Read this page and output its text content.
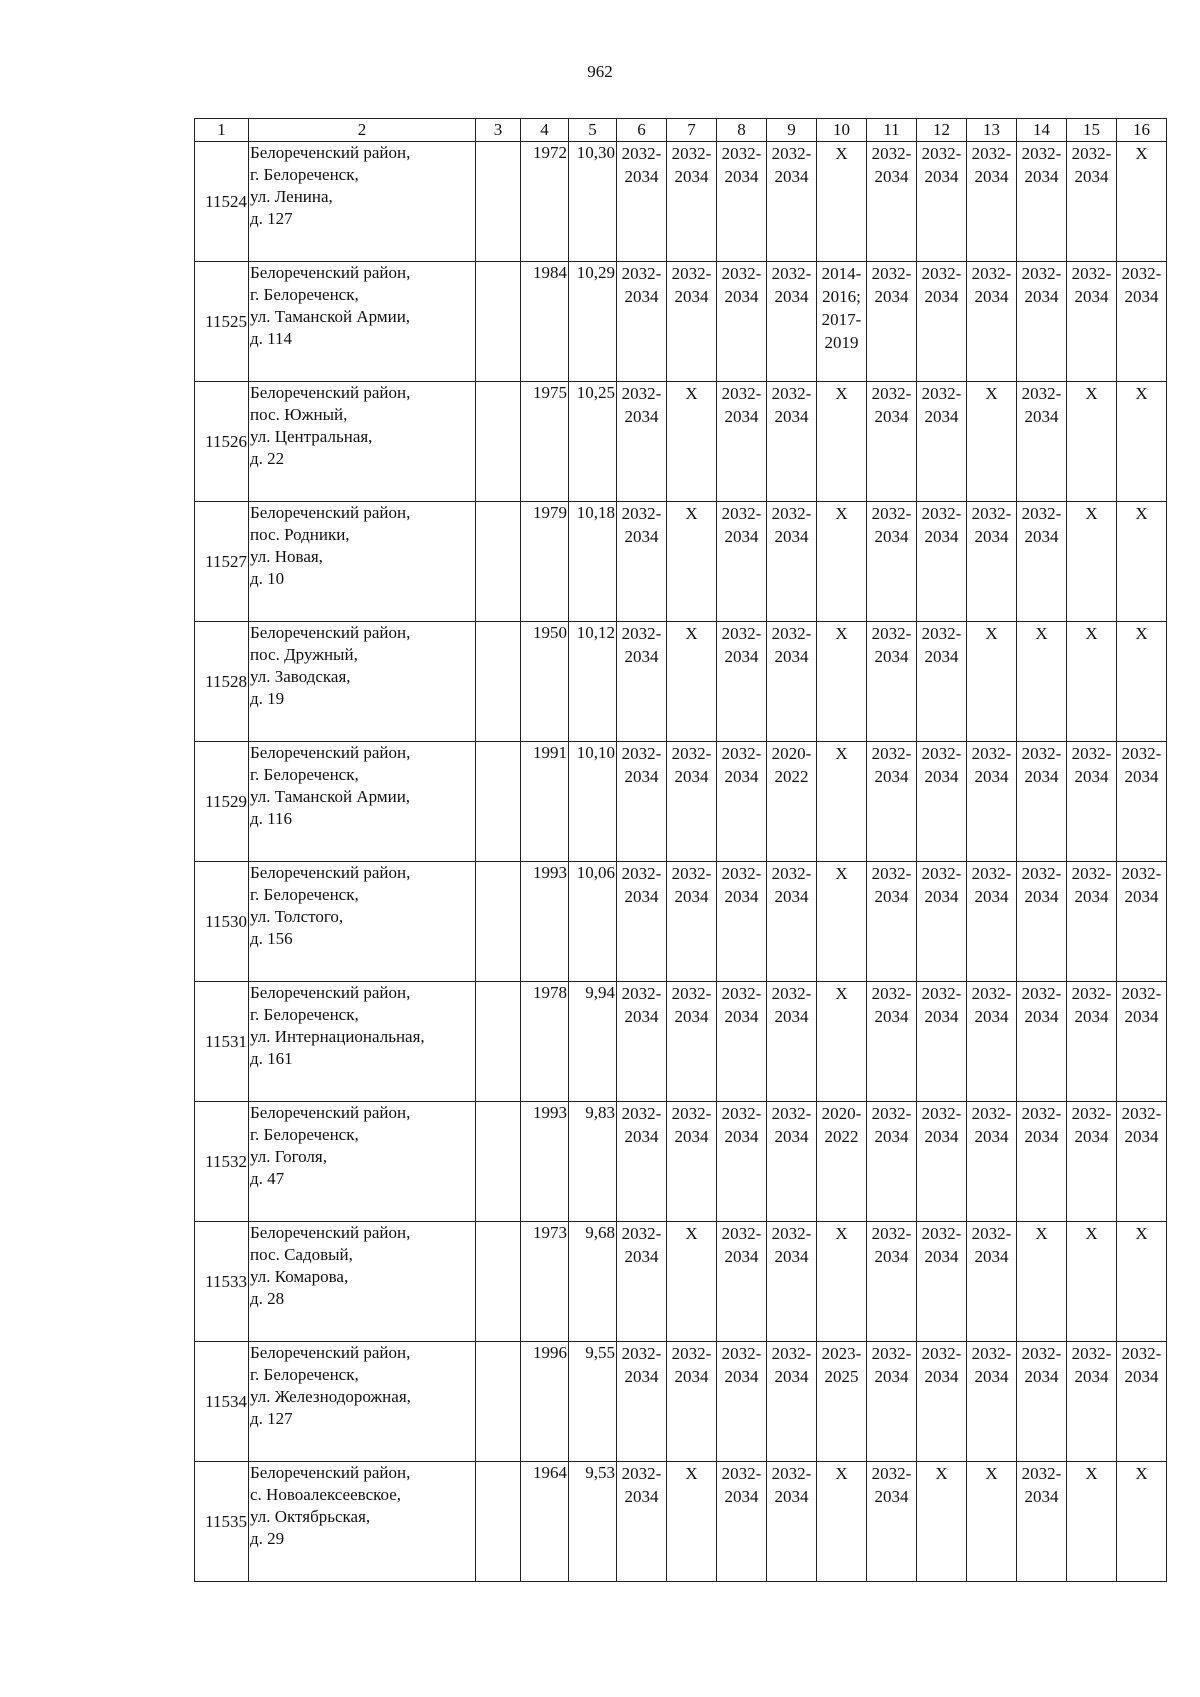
962
1	2	3	4	5	6	7	8	9	10	11	12	13	14	15	16
11524	Белореченский район,
г. Белореченск,
ул. Ленина,
д. 127		1972	10,30	2032-
2034	2032-
2034	2032-
2034	2032-
2034	Х	2032-
2034	2032-
2034	2032-
2034	2032-
2034	2032-
2034	Х
11525	Белореченский район,
г. Белореченск,
ул. Таманской Армии,
д. 114		1984	10,29	2032-
2034	2032-
2034	2032-
2034	2032-
2034	2014-
2016;
2017-
2019	2032-
2034	2032-
2034	2032-
2034	2032-
2034	2032-
2034	2032-
2034
11526	Белореченский район,
пос. Южный,
ул. Центральная,
д. 22		1975	10,25	2032-
2034	Х	2032-
2034	2032-
2034	Х	2032-
2034	2032-
2034	Х	2032-
2034	Х	Х
11527	Белореченский район,
пос. Родники,
ул. Новая,
д. 10		1979	10,18	2032-
2034	Х	2032-
2034	2032-
2034	Х	2032-
2034	2032-
2034	2032-
2034	2032-
2034	Х	Х
11528	Белореченский район,
пос. Дружный,
ул. Заводская,
д. 19		1950	10,12	2032-
2034	Х	2032-
2034	2032-
2034	Х	2032-
2034	2032-
2034	Х	Х	Х	Х
11529	Белореченский район,
г. Белореченск,
ул. Таманской Армии,
д. 116		1991	10,10	2032-
2034	2032-
2034	2032-
2034	2020-
2022	Х	2032-
2034	2032-
2034	2032-
2034	2032-
2034	2032-
2034	2032-
2034
11530	Белореченский район,
г. Белореченск,
ул. Толстого,
д. 156		1993	10,06	2032-
2034	2032-
2034	2032-
2034	2032-
2034	Х	2032-
2034	2032-
2034	2032-
2034	2032-
2034	2032-
2034	2032-
2034
11531	Белореченский район,
г. Белореченск,
ул. Интернациональная,
д. 161		1978	9,94	2032-
2034	2032-
2034	2032-
2034	2032-
2034	Х	2032-
2034	2032-
2034	2032-
2034	2032-
2034	2032-
2034	2032-
2034
11532	Белореченский район,
г. Белореченск,
ул. Гоголя,
д. 47		1993	9,83	2032-
2034	2032-
2034	2032-
2034	2032-
2034	2020-
2022	2032-
2034	2032-
2034	2032-
2034	2032-
2034	2032-
2034	2032-
2034
11533	Белореченский район,
пос. Садовый,
ул. Комарова,
д. 28		1973	9,68	2032-
2034	Х	2032-
2034	2032-
2034	Х	2032-
2034	2032-
2034	2032-
2034	Х	Х	Х
11534	Белореченский район,
г. Белореченск,
ул. Железнодорожная,
д. 127		1996	9,55	2032-
2034	2032-
2034	2032-
2034	2032-
2034	2023-
2025	2032-
2034	2032-
2034	2032-
2034	2032-
2034	2032-
2034	2032-
2034
11535	Белореченский район,
с. Новоалексеевское,
ул. Октябрьская,
д. 29		1964	9,53	2032-
2034	Х	2032-
2034	2032-
2034	Х	2032-
2034	Х	Х	2032-
2034	Х	Х
